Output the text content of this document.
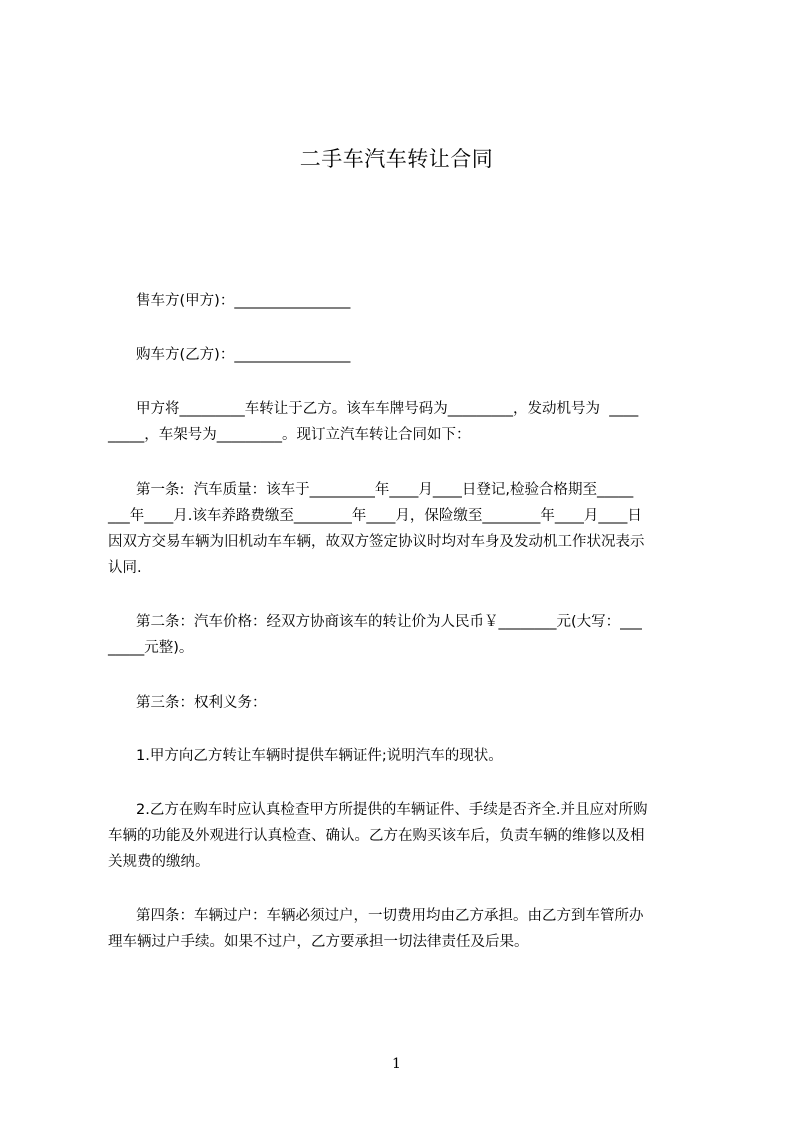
二手车汽车转让合同
售车方(甲方)：________________
购车方(乙方)：________________
甲方将_________车转让于乙方。该车车牌号码为_________，发动机号为  ____
_____，车架号为_________。现订立汽车转让合同如下：
第一条:  汽车质量：该车于_________年____月____日登记,检验合格期至_____
___年____月.该车养路费缴至________年____月，保险缴至________年____月____日
因双方交易车辆为旧机动车车辆，故双方签定协议时均对车身及发动机工作状况表示
认同.
第二条：汽车价格：经双方协商该车的转让价为人民币￥________元(大写：___
_____元整)。
第三条：权利义务：
1.甲方向乙方转让车辆时提供车辆证件;说明汽车的现状。
2.乙方在购车时应认真检查甲方所提供的车辆证件、手续是否齐全.并且应对所购
车辆的功能及外观进行认真检查、确认。乙方在购买该车后，负责车辆的维修以及相
关规费的缴纳。
第四条：车辆过户：车辆必须过户，一切费用均由乙方承担。由乙方到车管所办
理车辆过户手续。如果不过户，乙方要承担一切法律责任及后果。
1
